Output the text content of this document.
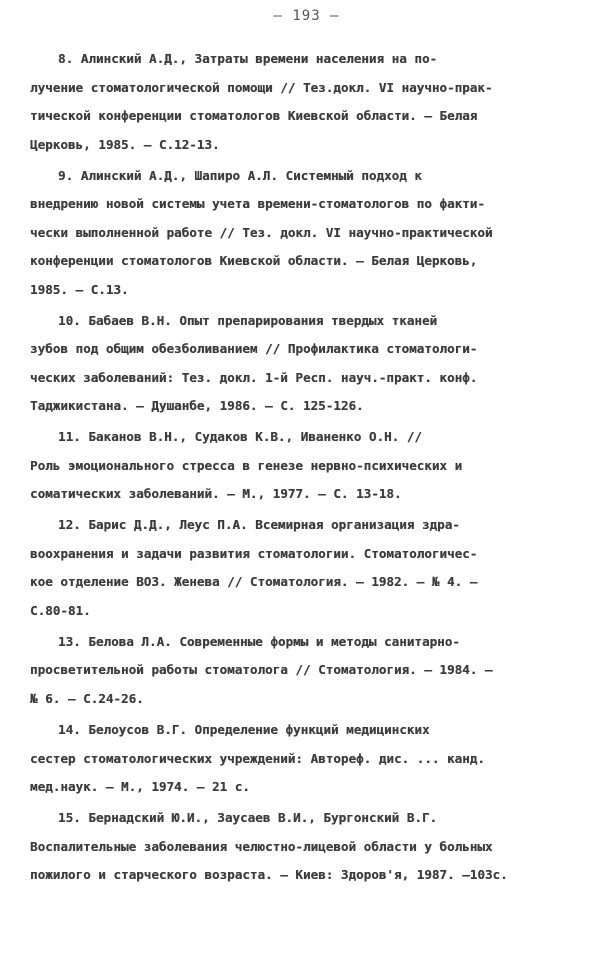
– 193 –
8. Алинский А.Д., Затраты времени населения на по-
лучение стоматологической помощи // Тез.докл. VI научно-прак-
тической конференции стоматологов Киевской области. – Белая
Церковь, 1985. – С.12-13.
9. Алинский А.Д., Шапиро А.Л. Системный подход к
внедрению новой системы учета времени-стоматологов по факти-
чески выполненной работе // Тез. докл. VI научно-практической
конференции стоматологов Киевской области. – Белая Церковь,
1985. – С.13.
10. Бабаев В.Н. Опыт препарирования твердых тканей
зубов под общим обезболиванием // Профилактика стоматологи-
ческих заболеваний: Тез. докл. 1-й Респ. науч.-практ. конф.
Таджикистана. – Душанбе, 1986. – С. 125-126.
11. Баканов В.Н., Судаков К.В., Иваненко О.Н. //
Роль эмоционального стресса в генезе нервно-психических и
соматических заболеваний. – М., 1977. – С. 13-18.
12. Барис Д.Д., Леус П.А. Всемирная организация здра-
воохранения и задачи развития стоматологии. Стоматологичес-
кое отделение ВОЗ. Женева // Стоматология. – 1982. – № 4. –
С.80-81.
13. Белова Л.А. Современные формы и методы санитарно-
просветительной работы стоматолога // Стоматология. – 1984. –
№ 6. – С.24-26.
14. Белоусов В.Г. Определение функций медицинских
сестер стоматологических учреждений: Автореф. дис. ... канд.
мед.наук. – М., 1974. – 21 с.
15. Бернадский Ю.И., Заусаев В.И., Бургонский В.Г.
Воспалительные заболевания челюстно-лицевой области у больных
пожилого и старческого возраста. – Киев: Здоров'я, 1987. –103с.
